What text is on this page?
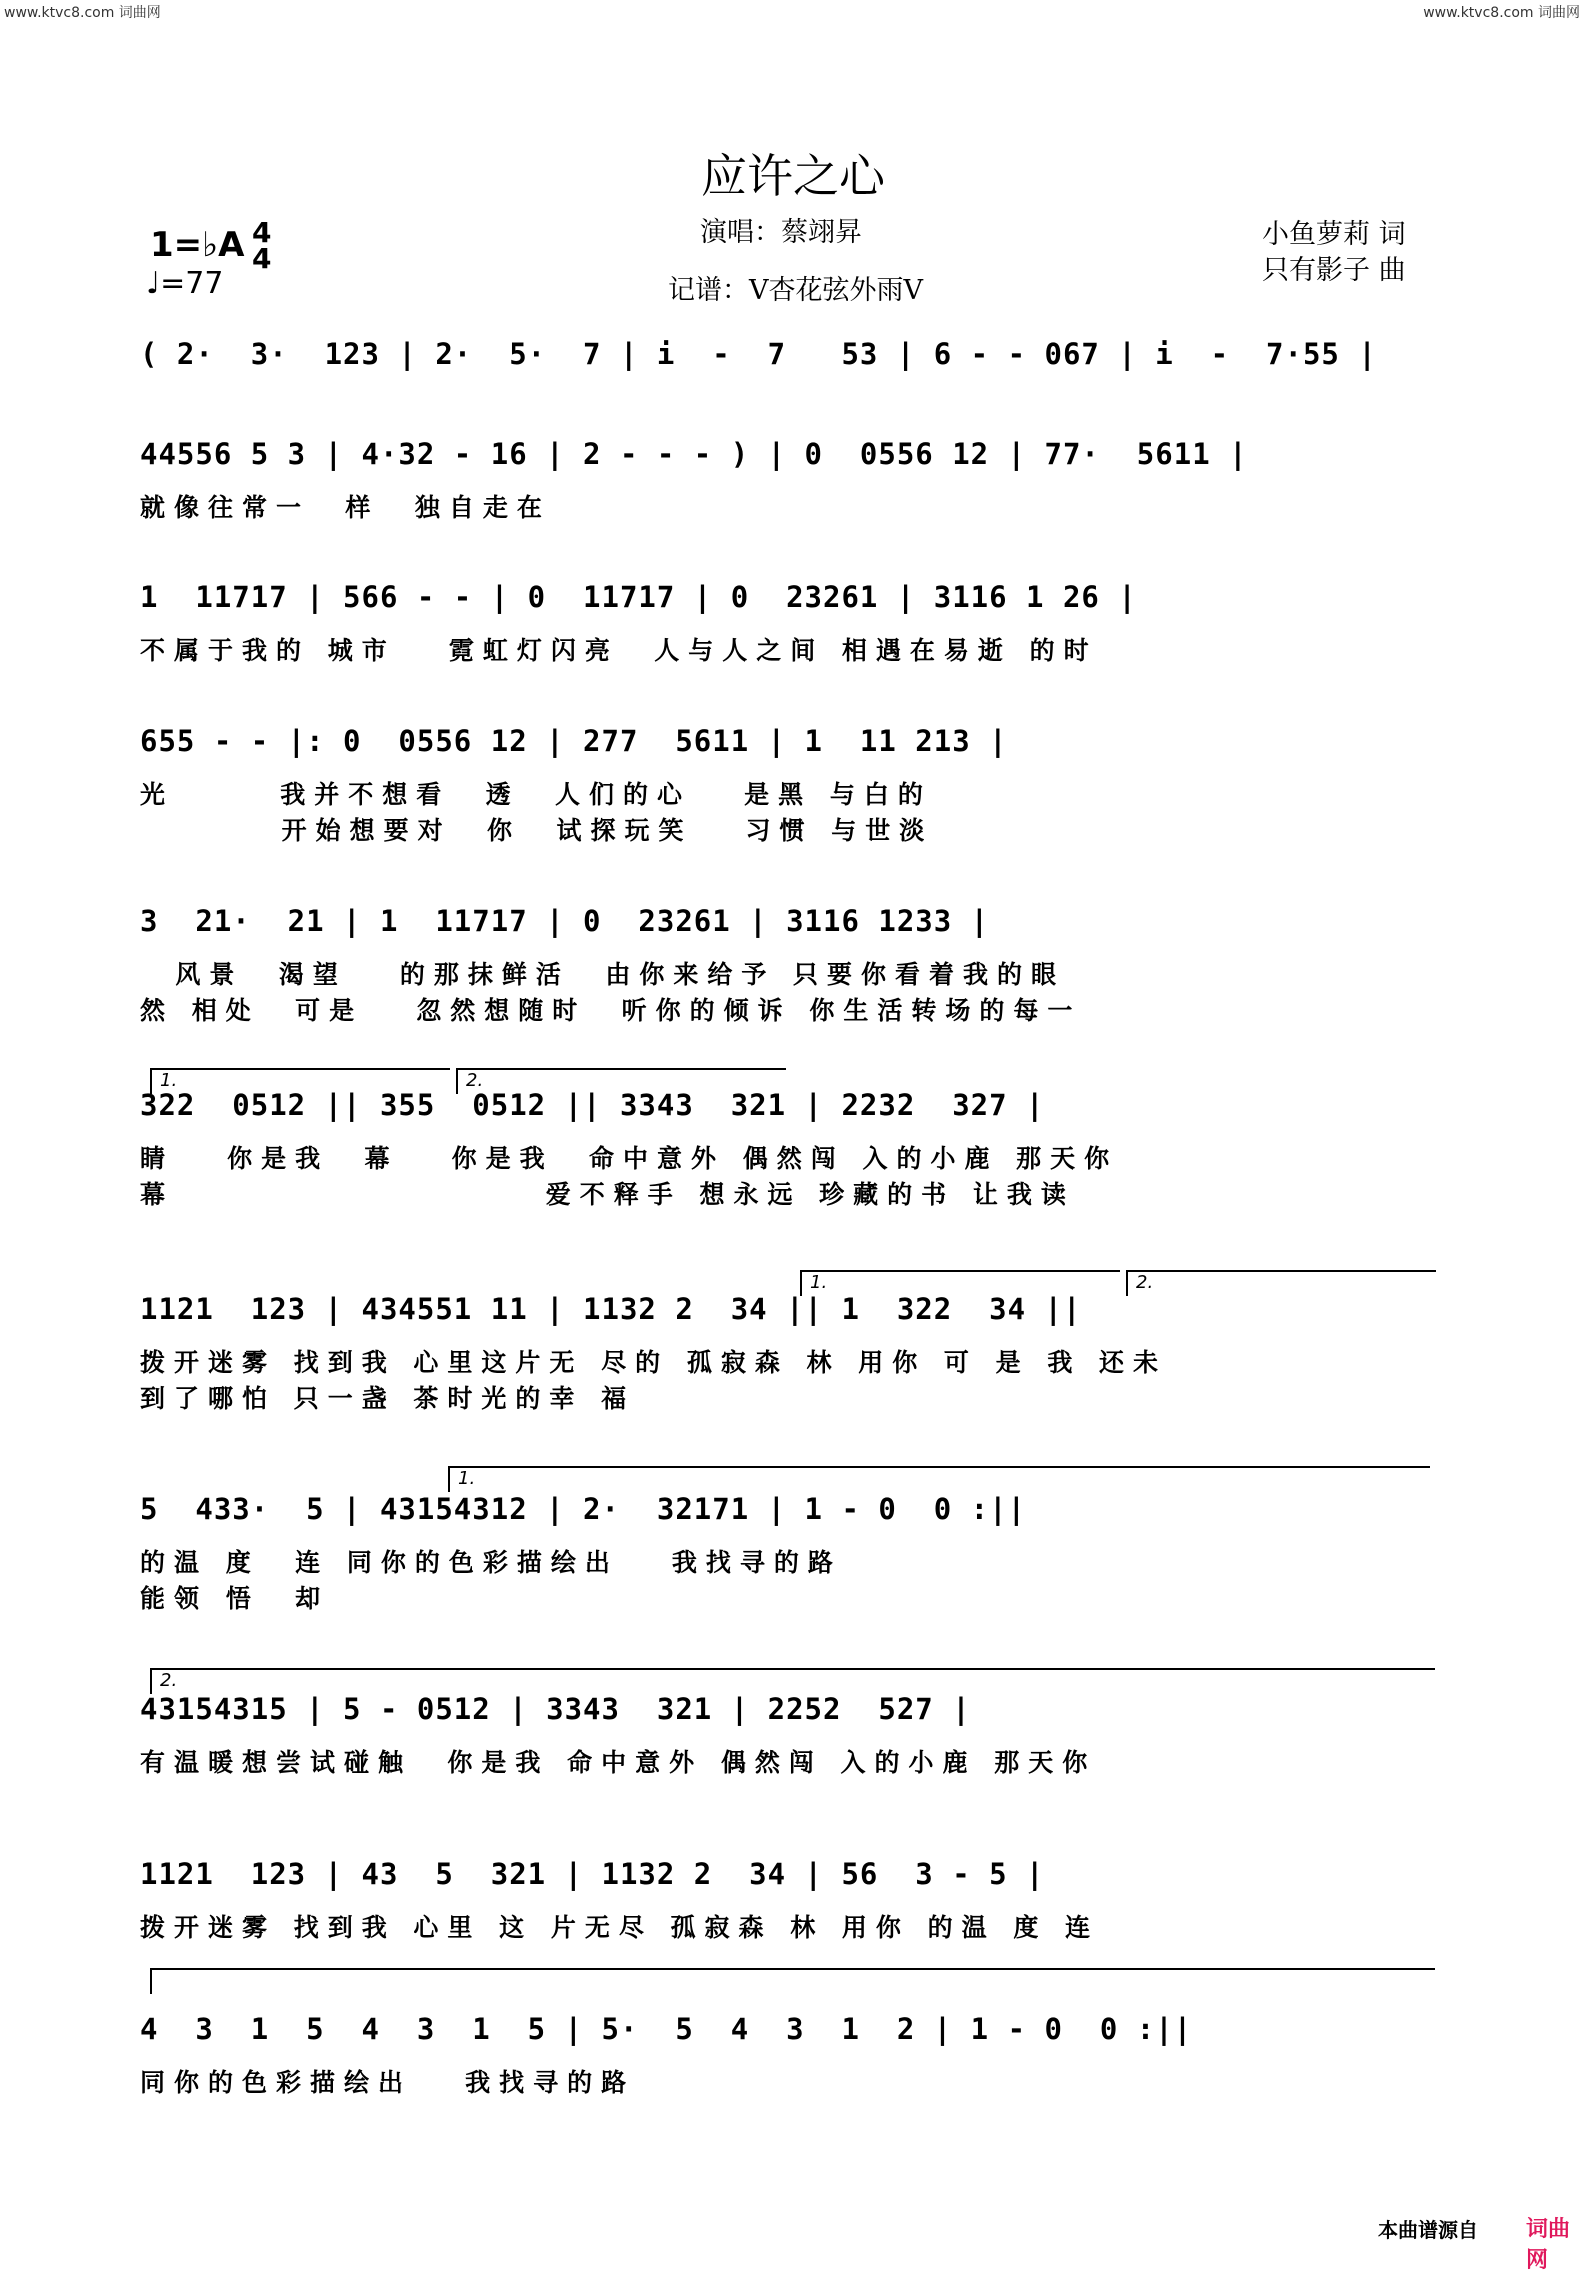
www.ktvc8.com 词曲网	www.ktvc8.com 词曲网
应许之心
演唱：蔡翊昇
记谱：V杏花弦外雨V
小鱼萝莉 词
只有影子 曲
1=♭A 4
4
♩=77
( 2·  3·  123 | 2·  5·  7 | i  -  7   53 | 6 - - 067 | i  -  7·55 |
44556 5 3 | 4·32 - 16 | 2 - - - ) | 0  0556 12 | 77·  5611 |
就像往常一  样  独自走在
1  11717 | 566 - - | 0  11717 | 0  23261 | 3116 1 26 |
不属于我的 城市   霓虹灯闪亮  人与人之间 相遇在易逝 的时
655 - - |: 0  0556 12 | 277  5611 | 1  11 213 |
光      我并不想看  透  人们的心   是黑 与白的
开始想要对  你  试探玩笑   习惯 与世淡
3  21·  21 | 1  11717 | 0  23261 | 3116 1233 |
风景  渴望   的那抹鲜活  由你来给予 只要你看着我的眼
然 相处  可是   忽然想随时  听你的倾诉 你生活转场的每一
322  0512 || 355  0512 || 3343  321 | 2232  327 |
睛   你是我  幕   你是我  命中意外 偶然闯 入的小鹿 那天你
幕                     爱不释手 想永远 珍藏的书 让我读
1121  123 | 434551 11 | 1132 2  34 || 1  322  34 ||
拨开迷雾 找到我 心里这片无 尽的 孤寂森 林 用你 可 是 我 还未
到了哪怕 只一盏 茶时光的幸 福
5  433·  5 | 43154312 | 2·  32171 | 1 - 0  0 :||
的温 度  连 同你的色彩描绘出   我找寻的路
能领 悟  却
43154315 | 5 - 0512 | 3343  321 | 2252  527 |
有温暖想尝试碰触  你是我 命中意外 偶然闯 入的小鹿 那天你
1121  123 | 43  5  321 | 1132 2  34 | 56  3 - 5 |
拨开迷雾 找到我 心里 这 片无尽 孤寂森 林 用你 的温 度 连
4  3  1  5  4  3  1  5 | 5·  5  4  3  1  2 | 1 - 0  0 :||
同你的色彩描绘出   我找寻的路
1.	2.
1.	2.
1.
2.
本曲谱源自 词曲网
